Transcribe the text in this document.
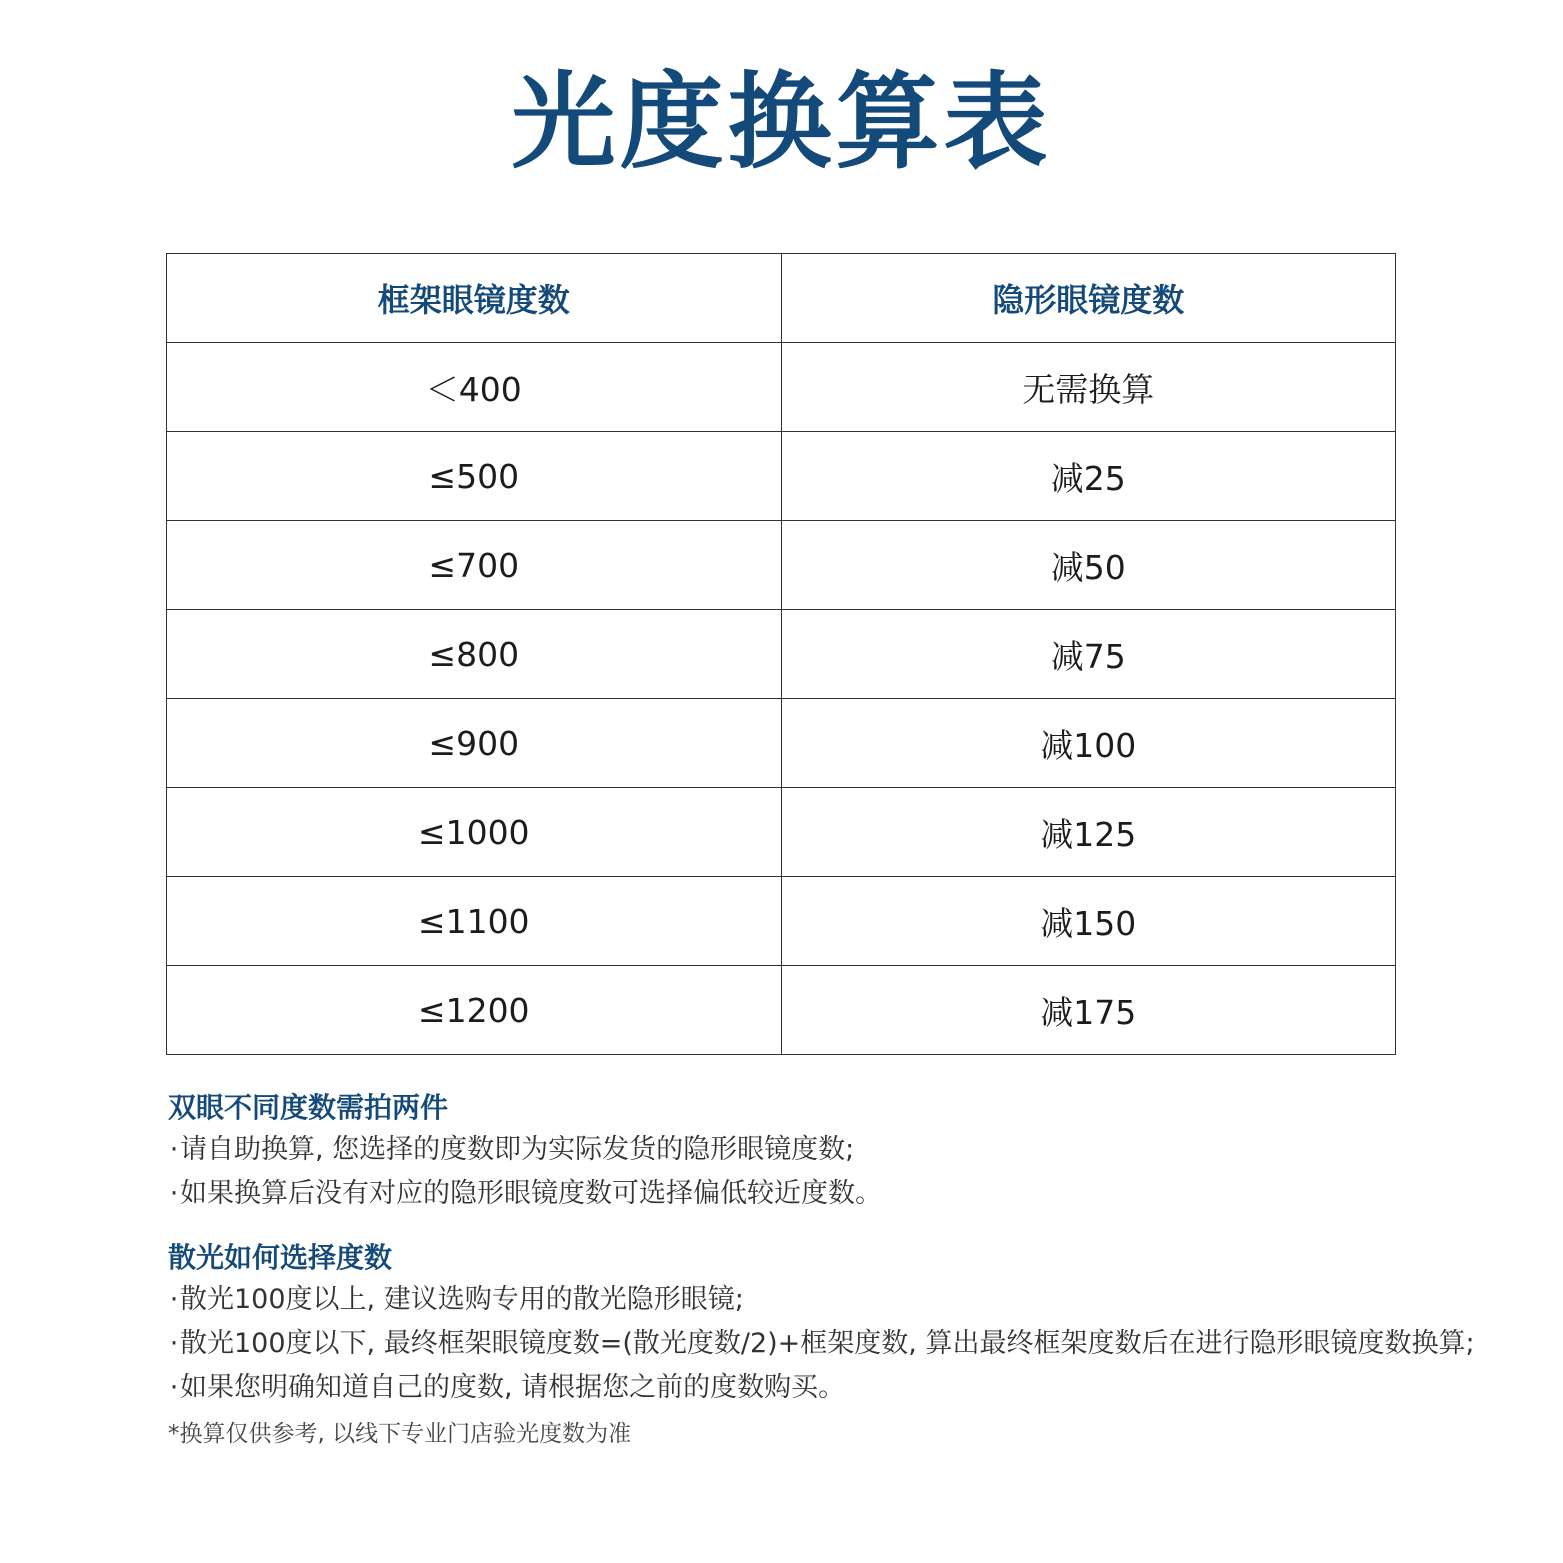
光度换算表
框架眼镜度数	隐形眼镜度数
＜400	无需换算
≤500	减25
≤700	减50
≤800	减75
≤900	减100
≤1000	减125
≤1100	减150
≤1200	减175

双眼不同度数需拍两件

·请自助换算, 您选择的度数即为实际发货的隐形眼镜度数;

·如果换算后没有对应的隐形眼镜度数可选择偏低较近度数。

散光如何选择度数

·散光100度以上, 建议选购专用的散光隐形眼镜;

·散光100度以下, 最终框架眼镜度数=(散光度数/2)+框架度数, 算出最终框架度数后在进行隐形眼镜度数换算;

·如果您明确知道自己的度数, 请根据您之前的度数购买。

*换算仅供参考, 以线下专业门店验光度数为准
